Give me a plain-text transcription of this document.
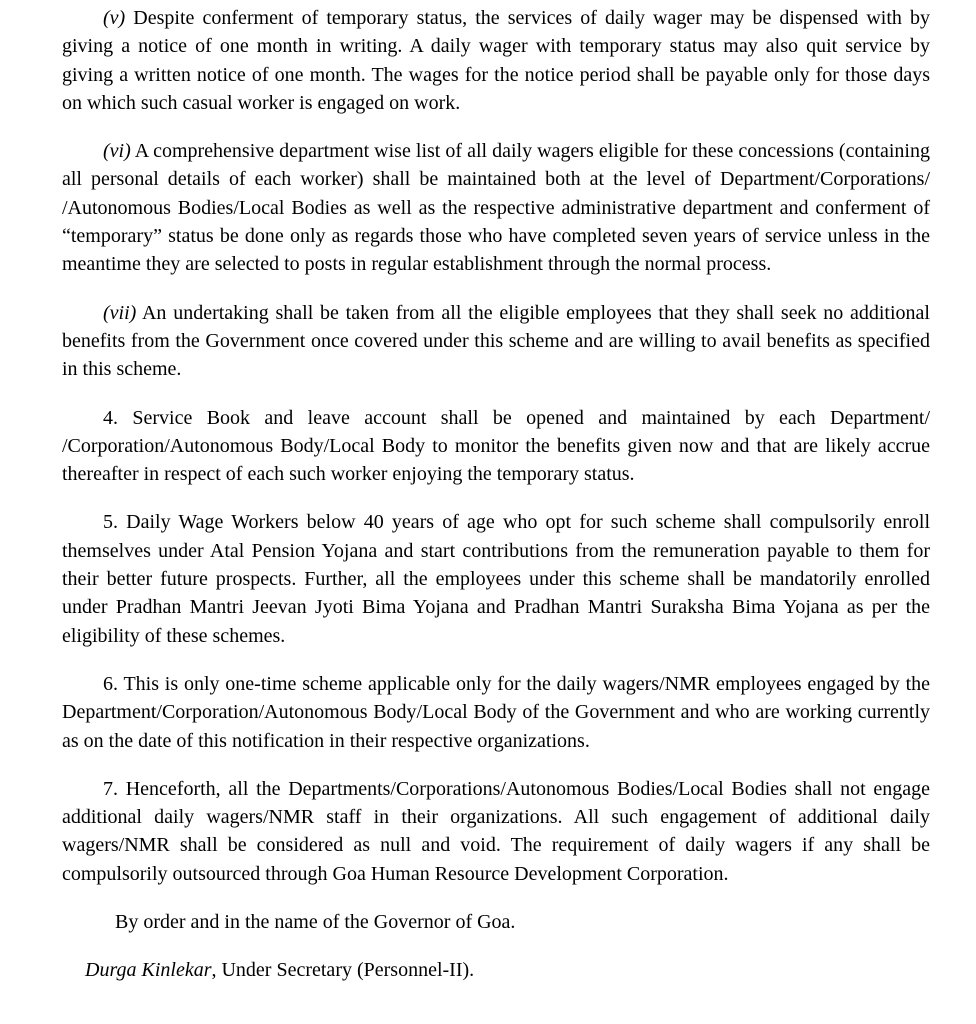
(v) Despite conferment of temporary status, the services of daily wager may be dispensed with by giving a notice of one month in writing. A daily wager with temporary status may also quit service by giving a written notice of one month. The wages for the notice period shall be payable only for those days on which such casual worker is engaged on work.

(vi) A comprehensive department wise list of all daily wagers eligible for these concessions (containing all personal details of each worker) shall be maintained both at the level of Department/Corporations/ /Autonomous Bodies/Local Bodies as well as the respective administrative department and conferment of “temporary” status be done only as regards those who have completed seven years of service unless in the meantime they are selected to posts in regular establishment through the normal process.

(vii) An undertaking shall be taken from all the eligible employees that they shall seek no additional benefits from the Government once covered under this scheme and are willing to avail benefits as specified in this scheme.

4. Service Book and leave account shall be opened and maintained by each Department/ /Corporation/Autonomous Body/Local Body to monitor the benefits given now and that are likely accrue thereafter in respect of each such worker enjoying the temporary status.

5. Daily Wage Workers below 40 years of age who opt for such scheme shall compulsorily enroll themselves under Atal Pension Yojana and start contributions from the remuneration payable to them for their better future prospects. Further, all the employees under this scheme shall be mandatorily enrolled under Pradhan Mantri Jeevan Jyoti Bima Yojana and Pradhan Mantri Suraksha Bima Yojana as per the eligibility of these schemes.

6. This is only one-time scheme applicable only for the daily wagers/NMR employees engaged by the Department/Corporation/Autonomous Body/Local Body of the Government and who are working currently as on the date of this notification in their respective organizations.

7. Henceforth, all the Departments/Corporations/Autonomous Bodies/Local Bodies shall not engage additional daily wagers/NMR staff in their organizations. All such engagement of additional daily wagers/NMR shall be considered as null and void. The requirement of daily wagers if any shall be compulsorily outsourced through Goa Human Resource Development Corporation.

By order and in the name of the Governor of Goa.

Durga Kinlekar, Under Secretary (Personnel-II).
